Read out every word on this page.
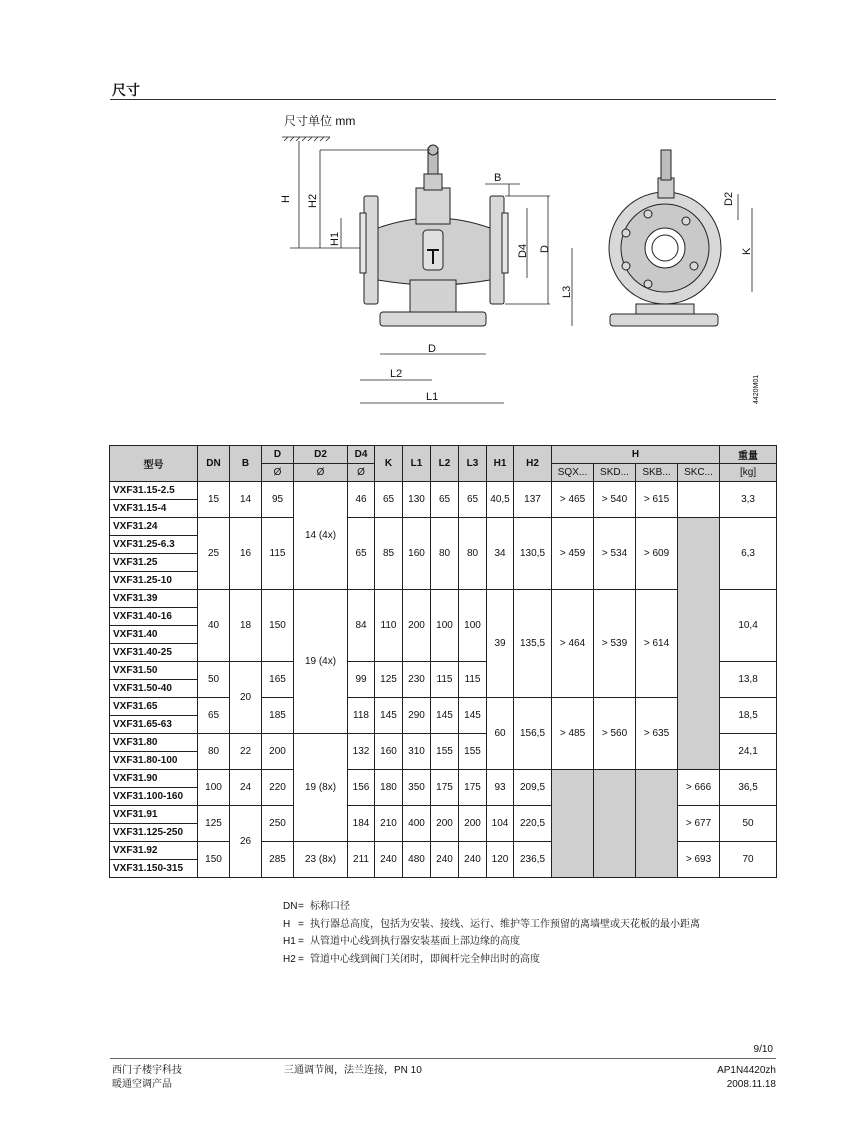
尺寸
尺寸单位 mm
H H2
H1
B
D4 D
L3
D
L2
L1
D2
K
4420M01
型号	DN	B	D	D2	D4	K	L1	L2	L3	H1	H2	H				重量
			Ø	Ø	Ø							SQX...	SKD...	SKB...	SKC...	[kg]
VXF31.15-2.5	15	14	95	14 (4x)	46	65	130	65	65	40,5	137	> 465	> 540	> 615		3,3
VXF31.15-4																
VXF31.24	25	16	115		65	85	160	80	80	34	130,5	> 459	> 534	> 609		6,3
VXF31.25-6.3																
VXF31.25																
VXF31.25-10																
VXF31.39	40	18	150	19 (4x)	84	110	200	100	100	39	135,5	> 464	> 539	> 614		10,4
VXF31.40-16																
VXF31.40																
VXF31.40-25																
VXF31.50	50	20	165		99	125	230	115	115							13,8
VXF31.50-40																
VXF31.65	65		185		118	145	290	145	145	60	156,5	> 485	> 560	> 635		18,5
VXF31.65-63																
VXF31.80	80	22	200	19 (8x)	132	160	310	155	155							24,1
VXF31.80-100																
VXF31.90	100	24	220		156	180	350	175	175	93	209,5				> 666	36,5
VXF31.100-160																
VXF31.91	125	26	250		184	210	400	200	200	104	220,5				> 677	50
VXF31.125-250																
VXF31.92	150		285	23 (8x)	211	240	480	240	240	120	236,5				> 693	70
VXF31.150-315																
DN= 标称口径
H = 执行器总高度，包括为安装、接线、运行、维护等工作预留的离墙壁或天花板的最小距离
H1 = 从管道中心线到执行器安装基面上部边缘的高度
H2 = 管道中心线到阀门关闭时，即阀杆完全伸出时的高度
9/10
西门子楼宇科技
暖通空调产品
三通调节阀，法兰连接，PN 10	AP1N4420zh
2008.11.18
